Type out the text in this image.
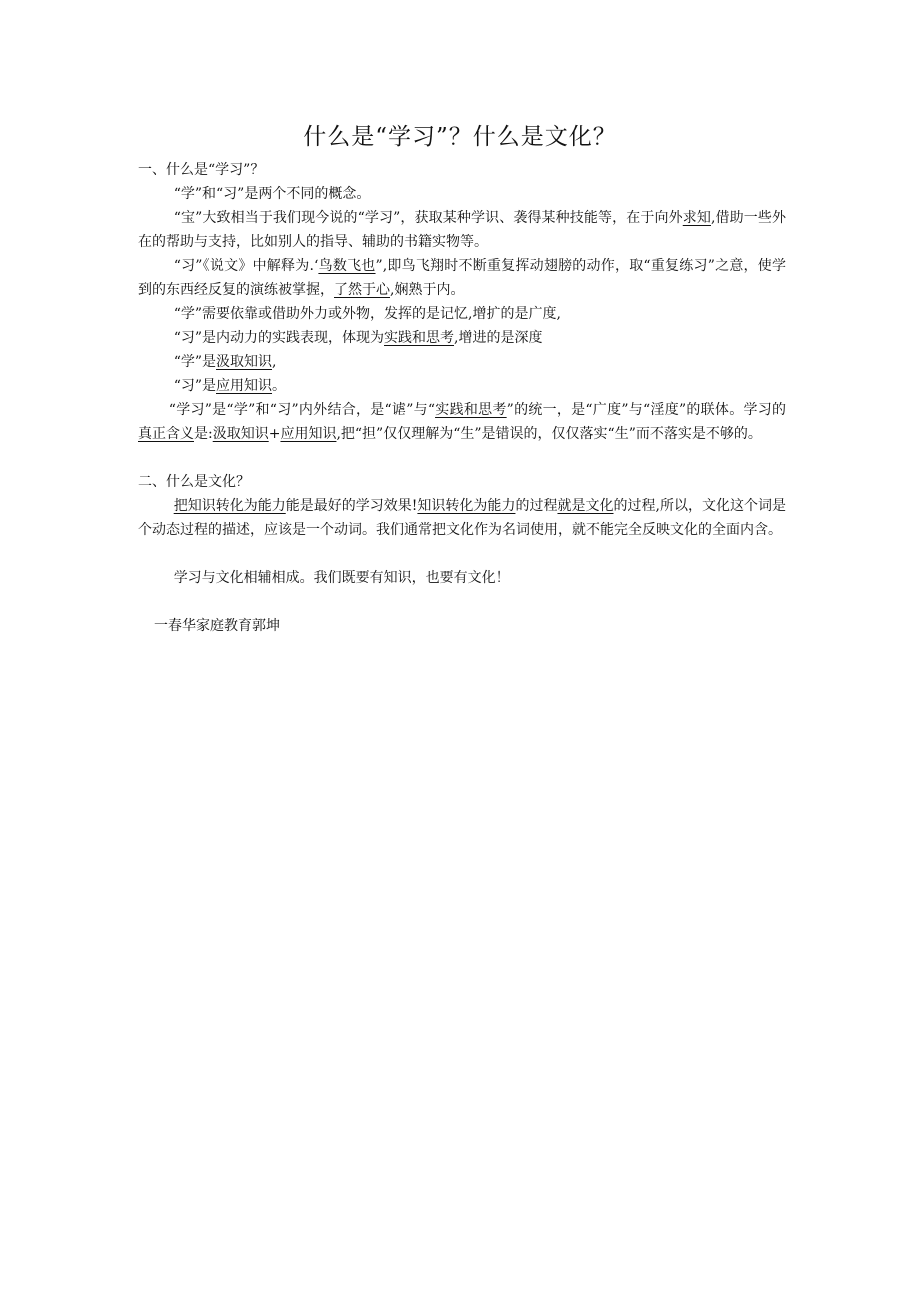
什么是“学习”？什么是文化？

一、什么是“学习”？

“学”和“习”是两个不同的概念。

“宝”大致相当于我们现今说的“学习”，获取某种学识、袭得某种技能等，在于向外求知,借助一些外在的帮助与支持，比如别人的指导、辅助的书籍实物等。

“习”《说文》中解释为.‘鸟数飞也”,即鸟飞翔时不断重复挥动翅膀的动作，取“重复练习”之意，使学到的东西经反复的演练被掌握，了然于心,娴熟于内。

“学”需要依靠或借助外力或外物，发挥的是记忆,增扩的是广度,

“习”是内动力的实践表现，体现为实践和思考,增进的是深度

“学”是汲取知识,

“习”是应用知识。

“学习”是“学”和“习”内外结合，是“谑”与“实践和思考”的统一，是“广度”与“淫度”的联体。学习的真正含义是:汲取知识+应用知识,把“担”仅仅理解为“生”是错误的，仅仅落实“生”而不落实是不够的。

二、什么是文化？

把知识转化为能力能是最好的学习效果!知识转化为能力的过程就是文化的过程,所以，文化这个词是个动态过程的描述，应该是一个动词。我们通常把文化作为名词使用，就不能完全反映文化的全面内含。

学习与文化相辅相成。我们既要有知识，也要有文化！

一春华家庭教育郭坤
